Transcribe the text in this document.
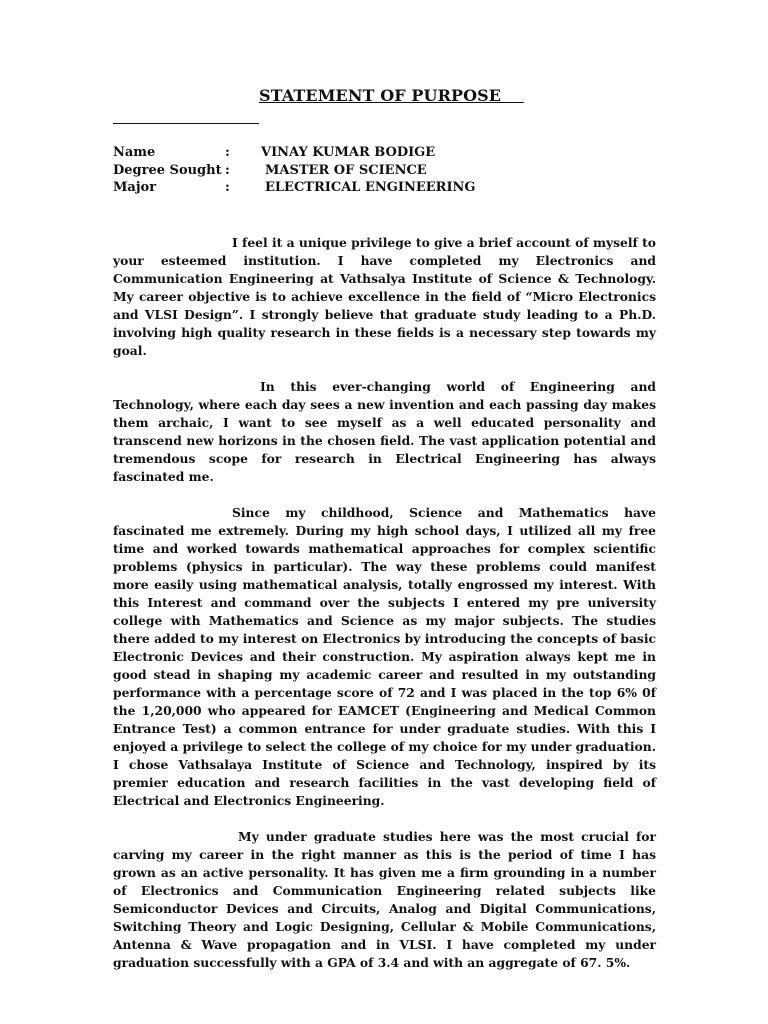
STATEMENT OF PURPOSE
Name	: VINAY KUMAR BODIGE
Degree Sought :	MASTER OF SCIENCE
Major	:	ELECTRICAL ENGINEERING

I feel it a unique privilege to give a brief account of myself to your esteemed institution. I have completed my Electronics and Communication Engineering at Vathsalya Institute of Science & Technology. My career objective is to achieve excellence in the field of “Micro Electronics and VLSI Design”. I strongly believe that graduate study leading to a Ph.D. involving high quality research in these fields is a necessary step towards my goal.

In this ever-changing world of Engineering and Technology, where each day sees a new invention and each passing day makes them archaic, I want to see myself as a well educated personality and transcend new horizons in the chosen field. The vast application potential and tremendous scope for research in Electrical Engineering has always fascinated me.

Since my childhood, Science and Mathematics have fascinated me extremely. During my high school days, I utilized all my free time and worked towards mathematical approaches for complex scientific problems (physics in particular). The way these problems could manifest more easily using mathematical analysis, totally engrossed my interest. With this Interest and command over the subjects I entered my pre university college with Mathematics and Science as my major subjects. The studies there added to my interest on Electronics by introducing the concepts of basic Electronic Devices and their construction. My aspiration always kept me in good stead in shaping my academic career and resulted in my outstanding performance with a percentage score of 72 and I was placed in the top 6% 0f the 1,20,000 who appeared for EAMCET (Engineering and Medical Common Entrance Test) a common entrance for under graduate studies. With this I enjoyed a privilege to select the college of my choice for my under graduation. I chose Vathsalaya Institute of Science and Technology, inspired by its premier education and research facilities in the vast developing field of Electrical and Electronics Engineering.

My under graduate studies here was the most crucial for carving my career in the right manner as this is the period of time I has grown as an active personality. It has given me a firm grounding in a number of Electronics and Communication Engineering related subjects like Semiconductor Devices and Circuits, Analog and Digital Communications, Switching Theory and Logic Designing, Cellular & Mobile Communications, Antenna & Wave propagation and in VLSI. I have completed my under graduation successfully with a GPA of 3.4 and with an aggregate of 67. 5%.
